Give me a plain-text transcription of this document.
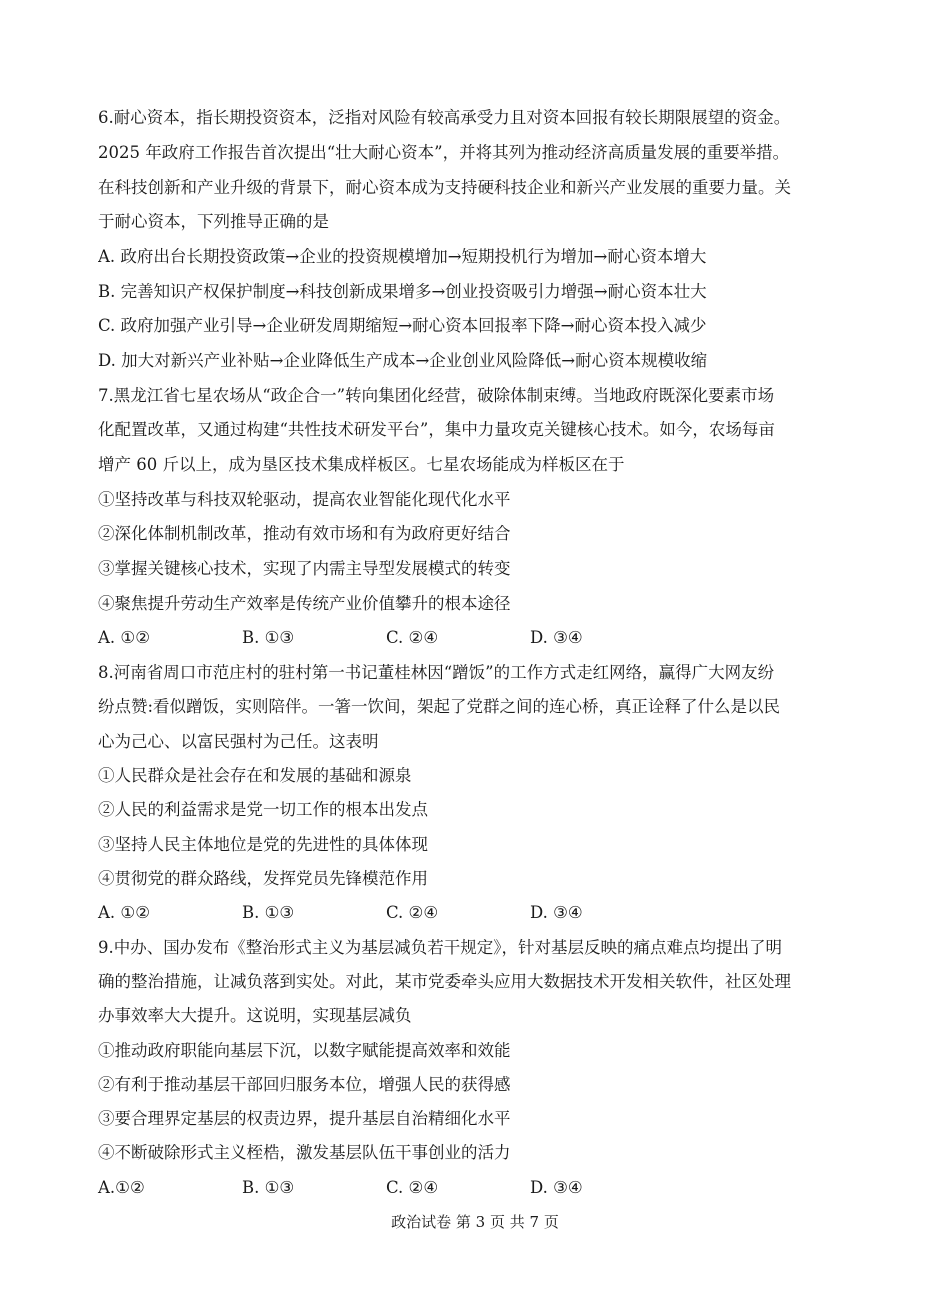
6.耐心资本，指长期投资资本，泛指对风险有较高承受力且对资本回报有较长期限展望的资金。
2025 年政府工作报告首次提出“壮大耐心资本”，并将其列为推动经济高质量发展的重要举措。
在科技创新和产业升级的背景下，耐心资本成为支持硬科技企业和新兴产业发展的重要力量。关
于耐心资本，下列推导正确的是
A. 政府出台长期投资政策→企业的投资规模增加→短期投机行为增加→耐心资本增大
B. 完善知识产权保护制度→科技创新成果增多→创业投资吸引力增强→耐心资本壮大
C. 政府加强产业引导→企业研发周期缩短→耐心资本回报率下降→耐心资本投入减少
D. 加大对新兴产业补贴→企业降低生产成本→企业创业风险降低→耐心资本规模收缩
7.黑龙江省七星农场从“政企合一”转向集团化经营，破除体制束缚。当地政府既深化要素市场
化配置改革，又通过构建“共性技术研发平台”，集中力量攻克关键核心技术。如今，农场每亩
增产 60 斤以上，成为垦区技术集成样板区。七星农场能成为样板区在于
①坚持改革与科技双轮驱动，提高农业智能化现代化水平
②深化体制机制改革，推动有效市场和有为政府更好结合
③掌握关键核心技术，实现了内需主导型发展模式的转变
④聚焦提升劳动生产效率是传统产业价值攀升的根本途径
A. ①②	B. ①③	C. ②④	D. ③④
8.河南省周口市范庄村的驻村第一书记董桂林因“蹭饭”的工作方式走红网络，赢得广大网友纷
纷点赞:看似蹭饭，实则陪伴。一箸一饮间，架起了党群之间的连心桥，真正诠释了什么是以民
心为己心、以富民强村为己任。这表明
①人民群众是社会存在和发展的基础和源泉
②人民的利益需求是党一切工作的根本出发点
③坚持人民主体地位是党的先进性的具体体现
④贯彻党的群众路线，发挥党员先锋模范作用
A. ①②	B. ①③	C. ②④	D. ③④
9.中办、国办发布《整治形式主义为基层减负若干规定》，针对基层反映的痛点难点均提出了明
确的整治措施，让减负落到实处。对此，某市党委牵头应用大数据技术开发相关软件，社区处理
办事效率大大提升。这说明，实现基层减负
①推动政府职能向基层下沉，以数字赋能提高效率和效能
②有利于推动基层干部回归服务本位，增强人民的获得感
③要合理界定基层的权责边界，提升基层自治精细化水平
④不断破除形式主义桎梏，激发基层队伍干事创业的活力
A.①②	B. ①③	C. ②④	D. ③④
政治试卷 第 3 页 共 7 页
